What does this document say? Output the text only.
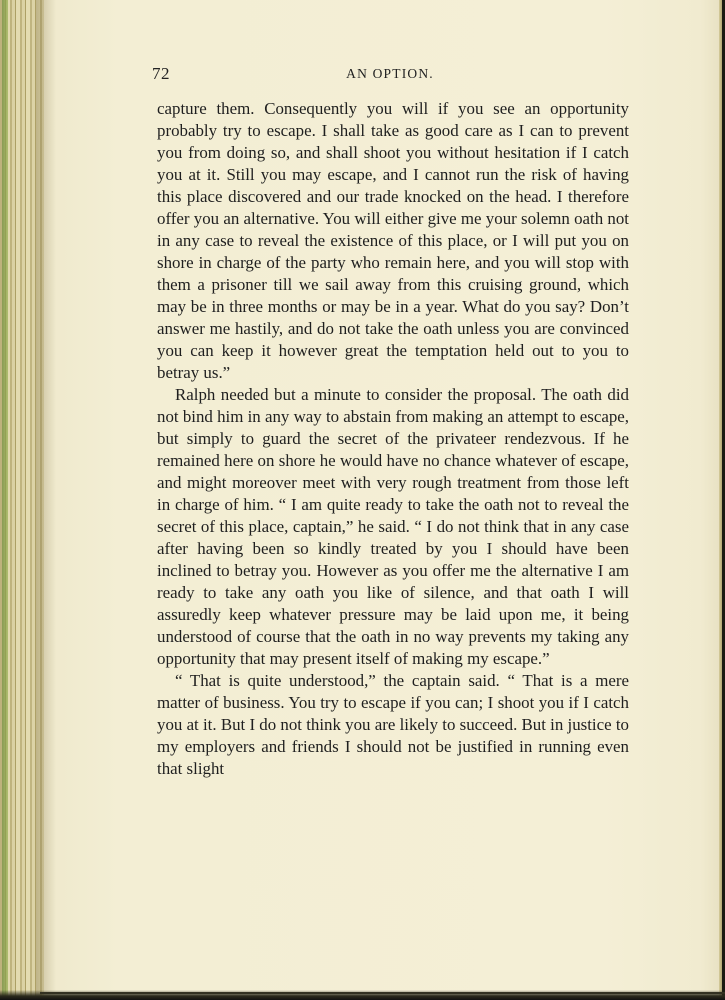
72	AN OPTION.

capture them. Consequently you will if you see an opportunity probably try to escape. I shall take as good care as I can to prevent you from doing so, and shall shoot you without hesitation if I catch you at it. Still you may escape, and I cannot run the risk of having this place discovered and our trade knocked on the head. I therefore offer you an alternative. You will either give me your solemn oath not in any case to reveal the existence of this place, or I will put you on shore in charge of the party who remain here, and you will stop with them a prisoner till we sail away from this cruising ground, which may be in three months or may be in a year. What do you say? Don’t answer me hastily, and do not take the oath unless you are convinced you can keep it however great the temptation held out to you to betray us.”

Ralph needed but a minute to consider the proposal. The oath did not bind him in any way to abstain from making an attempt to escape, but simply to guard the secret of the privateer rendezvous. If he remained here on shore he would have no chance whatever of escape, and might moreover meet with very rough treatment from those left in charge of him. “ I am quite ready to take the oath not to reveal the secret of this place, captain,” he said. “ I do not think that in any case after having been so kindly treated by you I should have been inclined to betray you. However as you offer me the alternative I am ready to take any oath you like of silence, and that oath I will assuredly keep whatever pressure may be laid upon me, it being understood of course that the oath in no way prevents my taking any opportunity that may present itself of making my escape.”

“ That is quite understood,” the captain said. “ That is a mere matter of business. You try to escape if you can; I shoot you if I catch you at it. But I do not think you are likely to succeed. But in justice to my employers and friends I should not be justified in running even that slight
